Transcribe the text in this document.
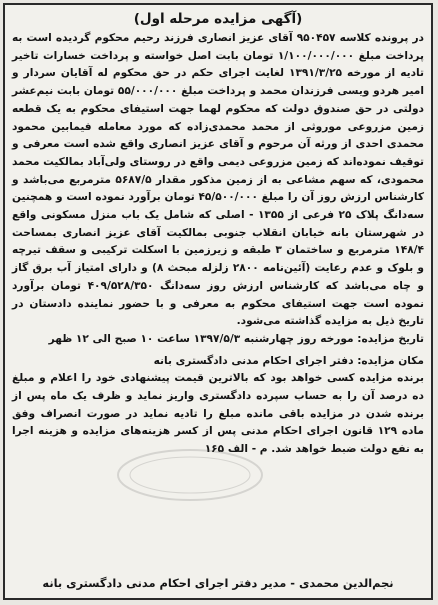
(آگهی مزایده مرحله اول)
در پرونده کلاسه ۹۵۰۴۵۷ آقای عزیز انصاری فرزند رحیم محکوم گردیده است به پرداخت مبلغ ۱/۱۰۰/۰۰۰/۰۰۰ تومان بابت اصل خواسته و پرداخت خسارات تاخیر تادیه از مورخه ۱۳۹۱/۳/۲۵ لغایت اجرای حکم در حق محکوم له آقایان سردار و امیر هردو ویسی فرزندان محمد و پرداخت مبلغ ۵۵/۰۰۰/۰۰۰ تومان بابت نیم‌عشر دولتی در حق صندوق دولت که محکوم لهما جهت استیفای محکوم به یک قطعه زمین مزروعی موروثی از محمد محمدی‌زاده که مورد معامله فیمابین محمود محمدی احدی از ورثه آن مرحوم و آقای عزیز انصاری واقع شده است معرفی و توقیف نموده‌اند که زمین مزروعی دیمی واقع در روستای ولی‌آباد بمالکیت محمد محمودی، که سهم مشاعی به از زمین مذکور مقدار ۵۶۸۷/۵ مترمربع می‌باشد و کارشناس ارزش روز آن را مبلغ ۴۵/۵۰۰/۰۰۰ تومان برآورد نموده است و همچنین سه‌دانگ پلاک ۲۵ فرعی از ۱۳۵۵ - اصلی که شامل یک باب منزل مسکونی واقع در شهرستان بانه خیابان انقلاب جنوبی بمالکیت آقای عزیز انصاری بمساحت ۱۴۸/۴ مترمربع و ساختمان ۳ طبقه و زیرزمین با اسکلت ترکیبی و سقف تیرچه و بلوک و عدم رعایت (آئین‌نامه ۲۸۰۰ زلزله مبحث ۸) و دارای امتیاز آب برق گاز و چاه می‌باشد که کارشناس ارزش روز سه‌دانگ ۴۰۹/۵۲۸/۳۵۰ تومان برآورد نموده است جهت استیفای محکوم به معرفی و با حضور نماینده دادستان در تاریخ ذیل به مزایده گذاشته می‌شود.
تاریخ مزایده: مورخه روز چهارشنبه ۱۳۹۷/۵/۳ ساعت ۱۰ صبح الی ۱۲ ظهر
مکان مزایده: دفتر اجرای احکام مدنی دادگستری بانه
برنده مزایده کسی خواهد بود که بالاترین قیمت پیشنهادی خود را اعلام و مبلغ ده درصد آن را به حساب سپرده دادگستری واریز نماید و ظرف یک ماه پس از برنده شدن در مزایده باقی مانده مبلغ را تادیه نماید در صورت انصراف وفق ماده ۱۲۹ قانون اجرای احکام مدنی پس از کسر هزینه‌های مزایده و هزینه اجرا به نفع دولت ضبط خواهد شد. م - الف ۱۶۵
نجم‌الدین محمدی - مدیر دفتر اجرای احکام مدنی دادگستری بانه
